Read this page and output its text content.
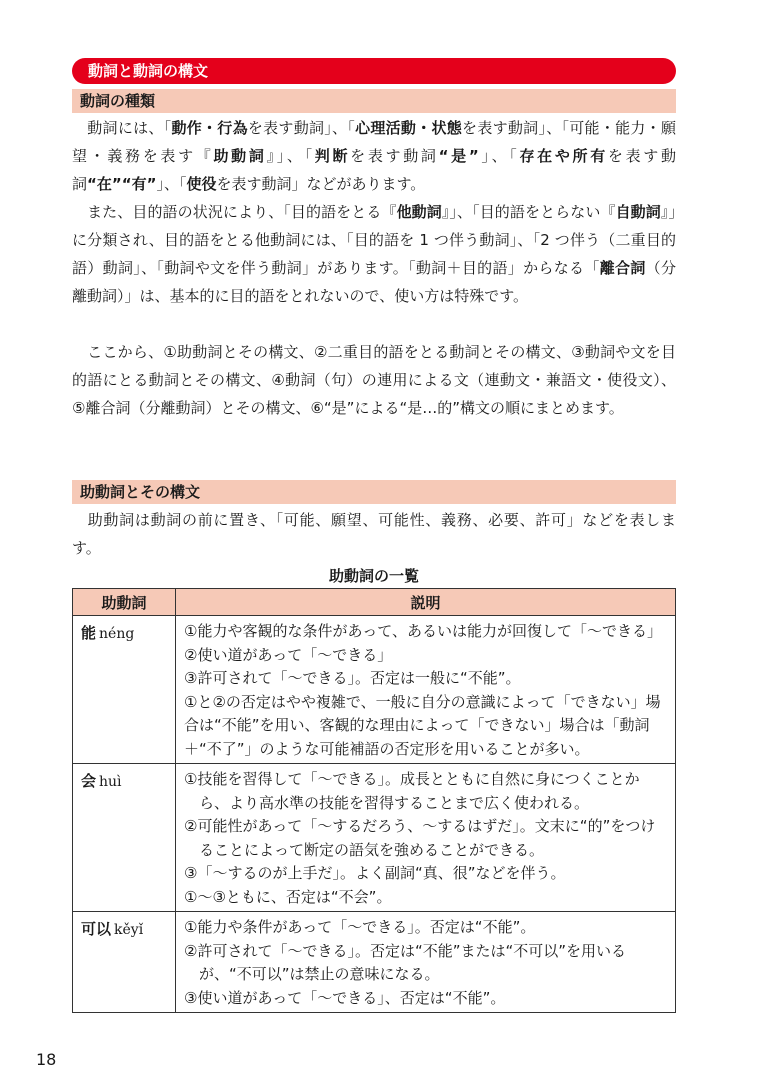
動詞と動詞の構文
動詞の種類

　動詞には、「動作・行為を表す動詞」、「心理活動・状態を表す動詞」、「可能・能力・願望・義務を表す『助動詞』」、「判断を表す動詞“是”」、「存在や所有を表す動詞“在”“有”」、「使役を表す動詞」などがあります。

　また、目的語の状況により、「目的語をとる『他動詞』」、「目的語をとらない『自動詞』」に分類され、目的語をとる他動詞には、「目的語を 1 つ伴う動詞」、「2 つ伴う（二重目的語）動詞」、「動詞や文を伴う動詞」があります。「動詞＋目的語」からなる「離合詞（分離動詞）」は、基本的に目的語をとれないので、使い方は特殊です。

　ここから、①助動詞とその構文、②二重目的語をとる動詞とその構文、③動詞や文を目的語にとる動詞とその構文、④動詞（句）の連用による文（連動文・兼語文・使役文）、⑤離合詞（分離動詞）とその構文、⑥“是”による“是…的”構文の順にまとめます。

助動詞とその構文

　助動詞は動詞の前に置き、「可能、願望、可能性、義務、必要、許可」などを表します。

助動詞の一覧
助動詞	説明
能 néng	①能力や客観的な条件があって、あるいは能力が回復して「～できる」

②使い道があって「～できる」

③許可されて「～できる」。否定は一般に“不能”。

①と②の否定はやや複雑で、一般に自分の意識によって「できない」場合は“不能”を用い、客観的な理由によって「できない」場合は「動詞＋“不了”」のような可能補語の否定形を用いることが多い。

会 huì	①技能を習得して「～できる」。成長とともに自然に身につくことから、より高水準の技能を習得することまで広く使われる。

②可能性があって「～するだろう、～するはずだ」。文末に“的”をつけることによって断定の語気を強めることができる。

③「～するのが上手だ」。よく副詞“真、很”などを伴う。

①～③ともに、否定は“不会”。

可以 kěyǐ	①能力や条件があって「～できる」。否定は“不能”。

②許可されて「～できる」。否定は“不能”または“不可以”を用いるが、“不可以”は禁止の意味になる。

③使い道があって「～できる」、否定は“不能”。

18
